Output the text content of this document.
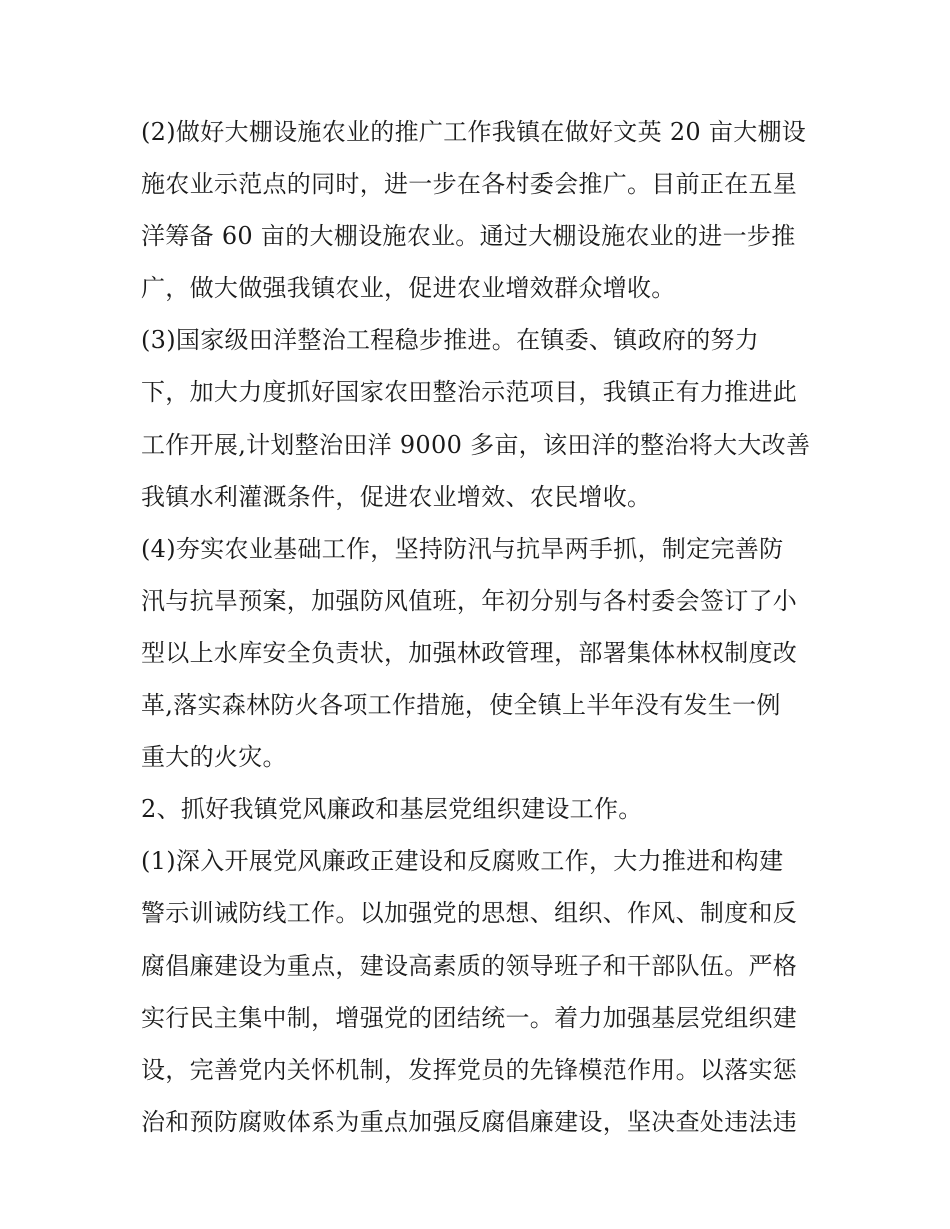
(2)做好大棚设施农业的推广工作我镇在做好文英 20 亩大棚设
施农业示范点的同时，进一步在各村委会推广。目前正在五星
洋筹备 60 亩的大棚设施农业。通过大棚设施农业的进一步推
广，做大做强我镇农业，促进农业增效群众增收。
(3)国家级田洋整治工程稳步推进。在镇委、镇政府的努力
下，加大力度抓好国家农田整治示范项目，我镇正有力推进此
工作开展,计划整治田洋 9000 多亩，该田洋的整治将大大改善
我镇水利灌溉条件，促进农业增效、农民增收。
(4)夯实农业基础工作，坚持防汛与抗旱两手抓，制定完善防
汛与抗旱预案，加强防风值班，年初分别与各村委会签订了小
型以上水库安全负责状，加强林政管理，部署集体林权制度改
革,落实森林防火各项工作措施，使全镇上半年没有发生一例
重大的火灾。
2、抓好我镇党风廉政和基层党组织建设工作。
(1)深入开展党风廉政正建设和反腐败工作，大力推进和构建
警示训诫防线工作。以加强党的思想、组织、作风、制度和反
腐倡廉建设为重点，建设高素质的领导班子和干部队伍。严格
实行民主集中制，增强党的团结统一。着力加强基层党组织建
设，完善党内关怀机制，发挥党员的先锋模范作用。以落实惩
治和预防腐败体系为重点加强反腐倡廉建设，坚决查处违法违
